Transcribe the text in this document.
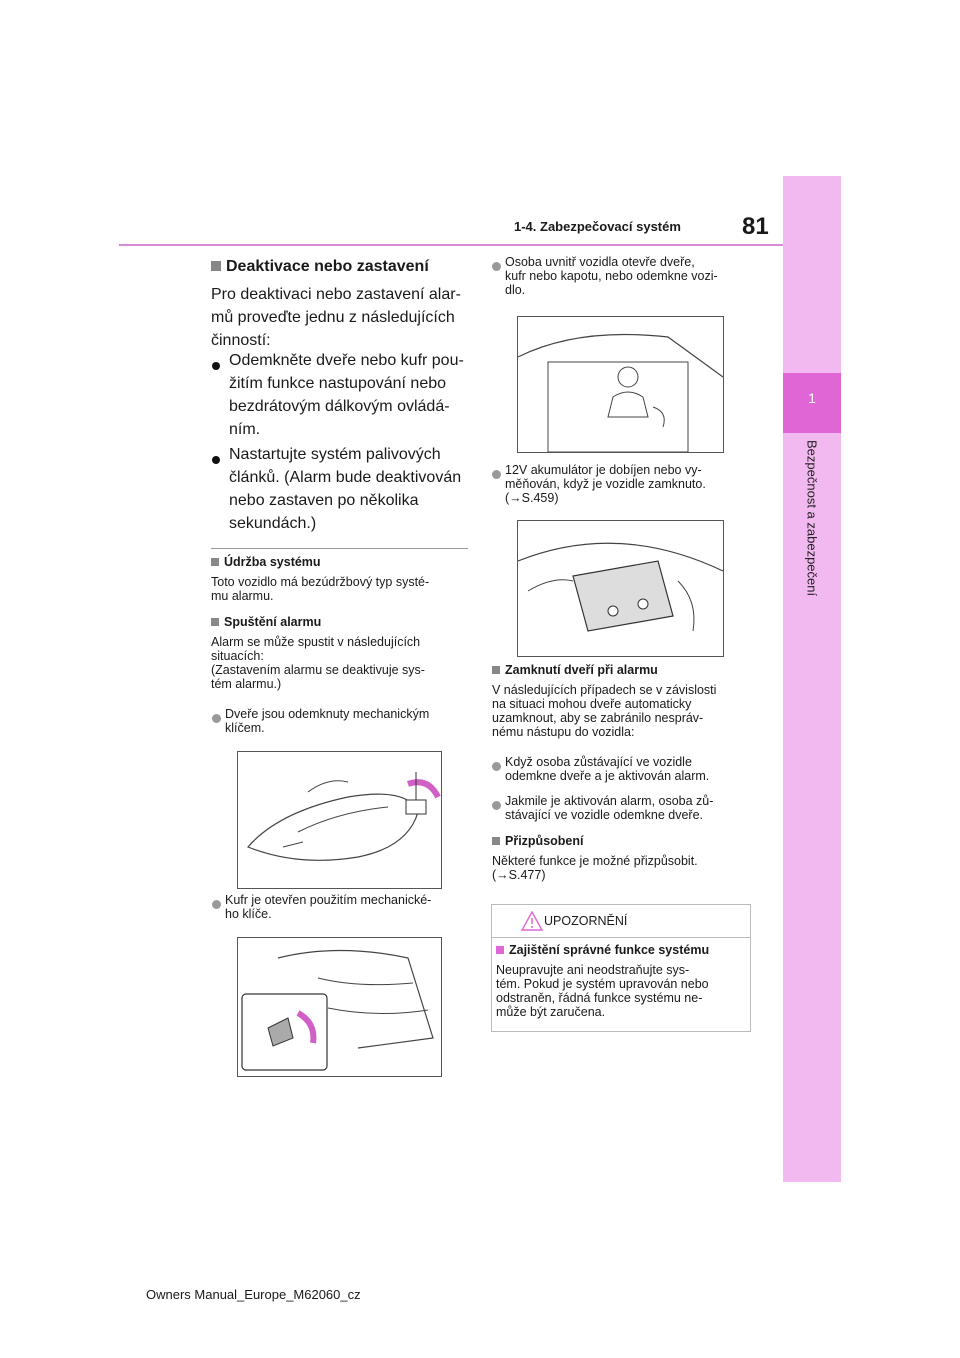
1
Bezpečnost a zabezpečení
1-4. Zabezpečovací systém	81
Deaktivace nebo zastavení
Pro deaktivaci nebo zastavení alar-
mů proveďte jednu z následujících
činností:
Odemkněte dveře nebo kufr pou-
žitím funkce nastupování nebo
bezdrátovým dálkovým ovládá-
ním.
Nastartujte systém palivových
článků. (Alarm bude deaktivován
nebo zastaven po několika
sekundách.)
Údržba systému
Toto vozidlo má bezúdržbový typ systé-
mu alarmu.
Spuštění alarmu
Alarm se může spustit v následujících
situacích:
(Zastavením alarmu se deaktivuje sys-
tém alarmu.)
Dveře jsou odemknuty mechanickým
klíčem.
Kufr je otevřen použitím mechanické-
ho klíče.
Osoba uvnitř vozidla otevře dveře,
kufr nebo kapotu, nebo odemkne vozi-
dlo.
12V akumulátor je dobíjen nebo vy-
měňován, když je vozidle zamknuto.
(→S.459)
Zamknutí dveří při alarmu
V následujících případech se v závislosti
na situaci mohou dveře automaticky
uzamknout, aby se zabránilo nespráv-
nému nástupu do vozidla:
Když osoba zůstávající ve vozidle
odemkne dveře a je aktivován alarm.
Jakmile je aktivován alarm, osoba zů-
stávající ve vozidle odemkne dveře.
Přizpůsobení
Některé funkce je možné přizpůsobit.
(→S.477)
UPOZORNĚNÍ
Zajištění správné funkce systému
Neupravujte ani neodstraňujte sys-
tém. Pokud je systém upravován nebo
odstraněn, řádná funkce systému ne-
může být zaručena.
Owners Manual_Europe_M62060_cz
